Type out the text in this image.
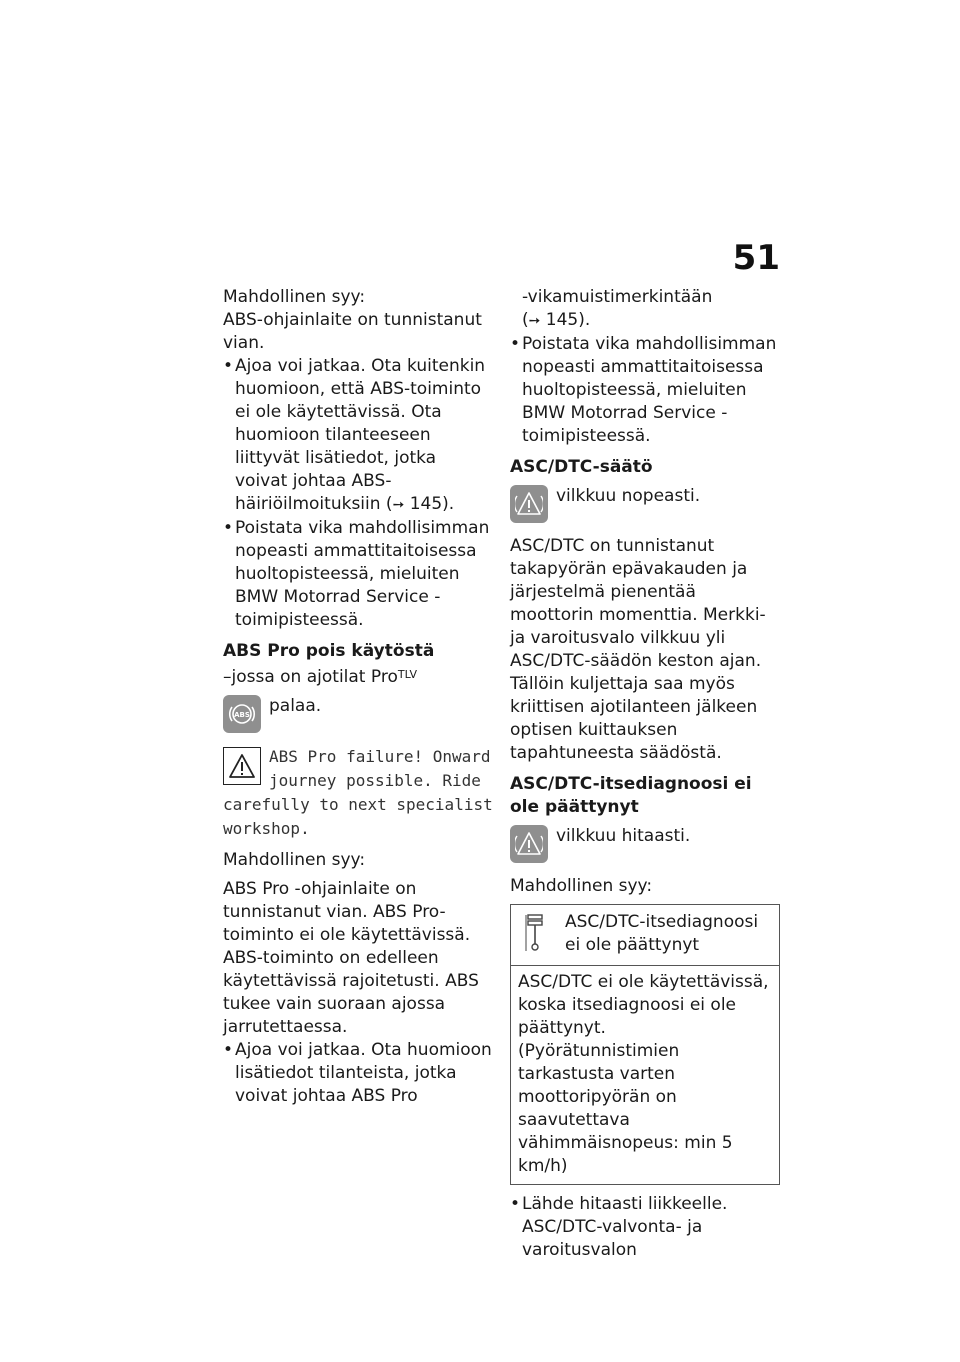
51

Mahdollinen syy:

ABS-ohjainlaite on tunnistanut vian.

• Ajoa voi jatkaa. Ota kuitenkin huomioon, että ABS-toiminto ei ole käytettävissä. Ota huomioon tilanteeseen liittyvät lisätiedot, jotka voivat johtaa ABS-häiriöilmoituksiin (➙ 145).

• Poistata vika mahdollisimman nopeasti ammattitaitoisessa huoltopisteessä, mieluiten BMW Motorrad Service -toimipisteessä.

ABS Pro pois käytöstä

–jossa on ajotilat Pro$^{TLV}$

ABS palaa.
ABS Pro failure! Onward journey possible. Ride carefully to next specialist workshop.

Mahdollinen syy:

ABS Pro -ohjainlaite on tunnistanut vian. ABS Pro-toiminto ei ole käytettävissä. ABS-toiminto on edelleen käytettävissä rajoitetusti. ABS tukee vain suoraan ajossa jarrutettaessa.

• Ajoa voi jatkaa. Ota huomioon lisätiedot tilanteista, jotka voivat johtaa ABS Pro

-vikamuistimerkintään
(➙ 145).

• Poistata vika mahdollisimman nopeasti ammattitaitoisessa huoltopisteessä, mieluiten BMW Motorrad Service -toimipisteessä.

ASC/DTC-säätö

vilkkuu nopeasti.

ASC/DTC on tunnistanut takapyörän epävakauden ja järjestelmä pienentää moottorin momenttia. Merkki- ja varoitusvalo vilkkuu yli ASC/DTC-säädön keston ajan. Tällöin kuljettaja saa myös kriittisen ajotilanteen jälkeen optisen kuittauksen tapahtuneesta säädöstä.

ASC/DTC-itsediagnoosi ei ole päättynyt

vilkkuu hitaasti.

Mahdollinen syy:

ASC/DTC-itsediagnoosi ei ole päättynyt
ASC/DTC ei ole käytettävissä, koska itsediagnoosi ei ole päättynyt. (Pyörätunnistimien tarkastusta varten moottoripyörän on saavutettava vähimmäisnopeus: min 5 km/h)

• Lähde hitaasti liikkeelle. ASC/DTC-valvonta- ja varoitusvalon
